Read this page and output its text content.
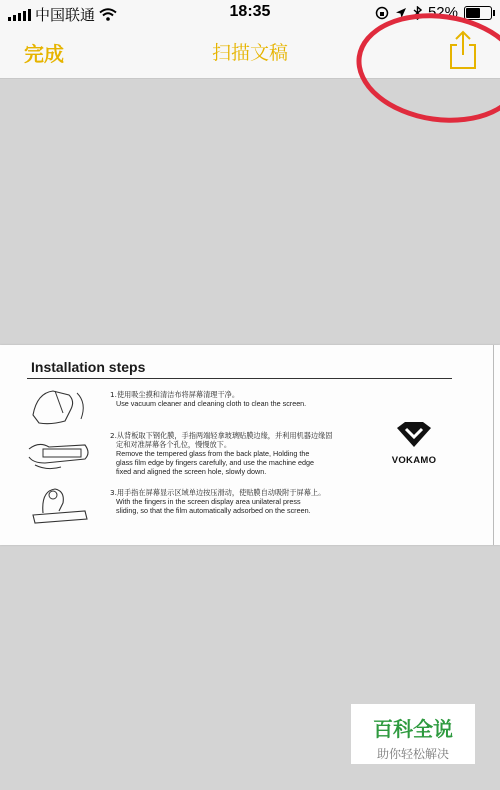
中国联通	18:35	52%
完成	扫描文稿
Installation steps
1.使用吸尘摸和清洁布将屏幕清理干净。
Use vacuum cleaner and cleaning cloth to clean the screen.
2.从背板取下钢化膜，手指两端轻拿玻璃贴膜边缘，并利用机器边缘固
定和对准屏幕各个孔位，慢慢放下。
Remove the tempered glass from the back plate, Holding the
glass film edge by fingers carefully, and use the machine edge
fixed and aligned the screen hole, slowly down.
3.用手指在屏幕显示区域单边按压滑动，使贴膜自动吸附于屏幕上。
With the fingers in the screen display area unilateral press
sliding, so that the film automatically adsorbed on the screen.
VOKAMO
百科全说
助你轻松解决
